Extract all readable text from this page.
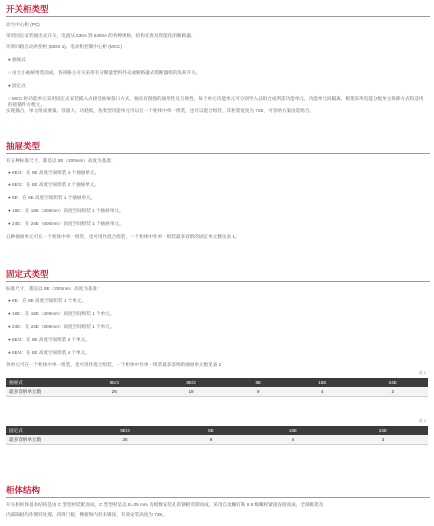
开关柜类型
动力中心柜 (PC)
采用固定安装抽出式开关，电流从 630A 到 6300A 的各种规格，结构先进及智能化的断路器。
功率回路自动补偿柜 (MDS-J)、电动机控制中心柜 (MCC)
● 抽屉式
○ 由大小抽屉组装而成，各回路主开关采用有分断量塑料外壳或断路器式熔断器组的负荷开关。
● 固定式
○ MCC 柜功能单元采用固定式安装插入式接受抽屉接口方式，抽具有很强的通用性及互换性，每个单元功能单元可分别导入以组合成所需功能单元，功能单元间隔离，框架采用电能分配单元拆卸方式和适用的接插件方便元。
实现插合，单元组成要素、容量大、功耗低，各类型功能单元可以在一个柜体中单一组装，也可以混合组装，其柜架宽度为 72E，可容纳方案由选组合。
抽屉类型
有五种标准尺寸，都是以 8E（200mm）高度为基准：
● 8E/4：在 8E 高度空间组装 4 个抽屉单元。
● 8E/2：在 8E 高度空间组装 2 个抽屉单元。
● 8E：在 8E 高度空间组装 1 个抽屉单元。
● 16E：在 16E（400mm）高度空间组装 1 个抽屉单元。
● 24E：在 24E（600mm）高度空间组装 1 个抽屉单元。
五种抽屉单元可在一个柜体中单一组装，也可用作混合组装，一个柜体中作单一组装最多容纳的固定单元数见表 1。
固定式类型
标准尺寸，都是以 8E（200mm）高度为基准：
● 8E：在 8E 高度空间组装 1 个单元。
● 16E：在 16E（400mm）高度空间组装 1 个单元。
● 24E：在 24E（600mm）高度空间组装 1 个单元。
● 8E/2：在 8E 高度空间组装 2 个单元。
● 8E/4：在 8E 高度空间组装 4 个单元。
各单元可在一个柜体中单一组装，也可用作混合组装，一个柜体中作单一组装最多容纳的抽屉单元数见表 2
表 1
抽屉式	8E/4	8E/2	8E	16E	24E
最多容纳单元数	26	18	9	4	3
表 2
固定式	8E/4	8E	16E	24E
最多容纳单元数	26	9	4	3
柜体结构
开关柜柜体基本结构是由 C 型型材装配而成，C 型型材是以 E=25 mm 为模数安装孔的钢板弯制而成，采用自攻螺钉和 8.8 级螺栓紧固连接而成，全部框架及
内部隔板均作镀锌处理，四周门板，侧板和内封未镀涂，有效安装高度为 72E。
